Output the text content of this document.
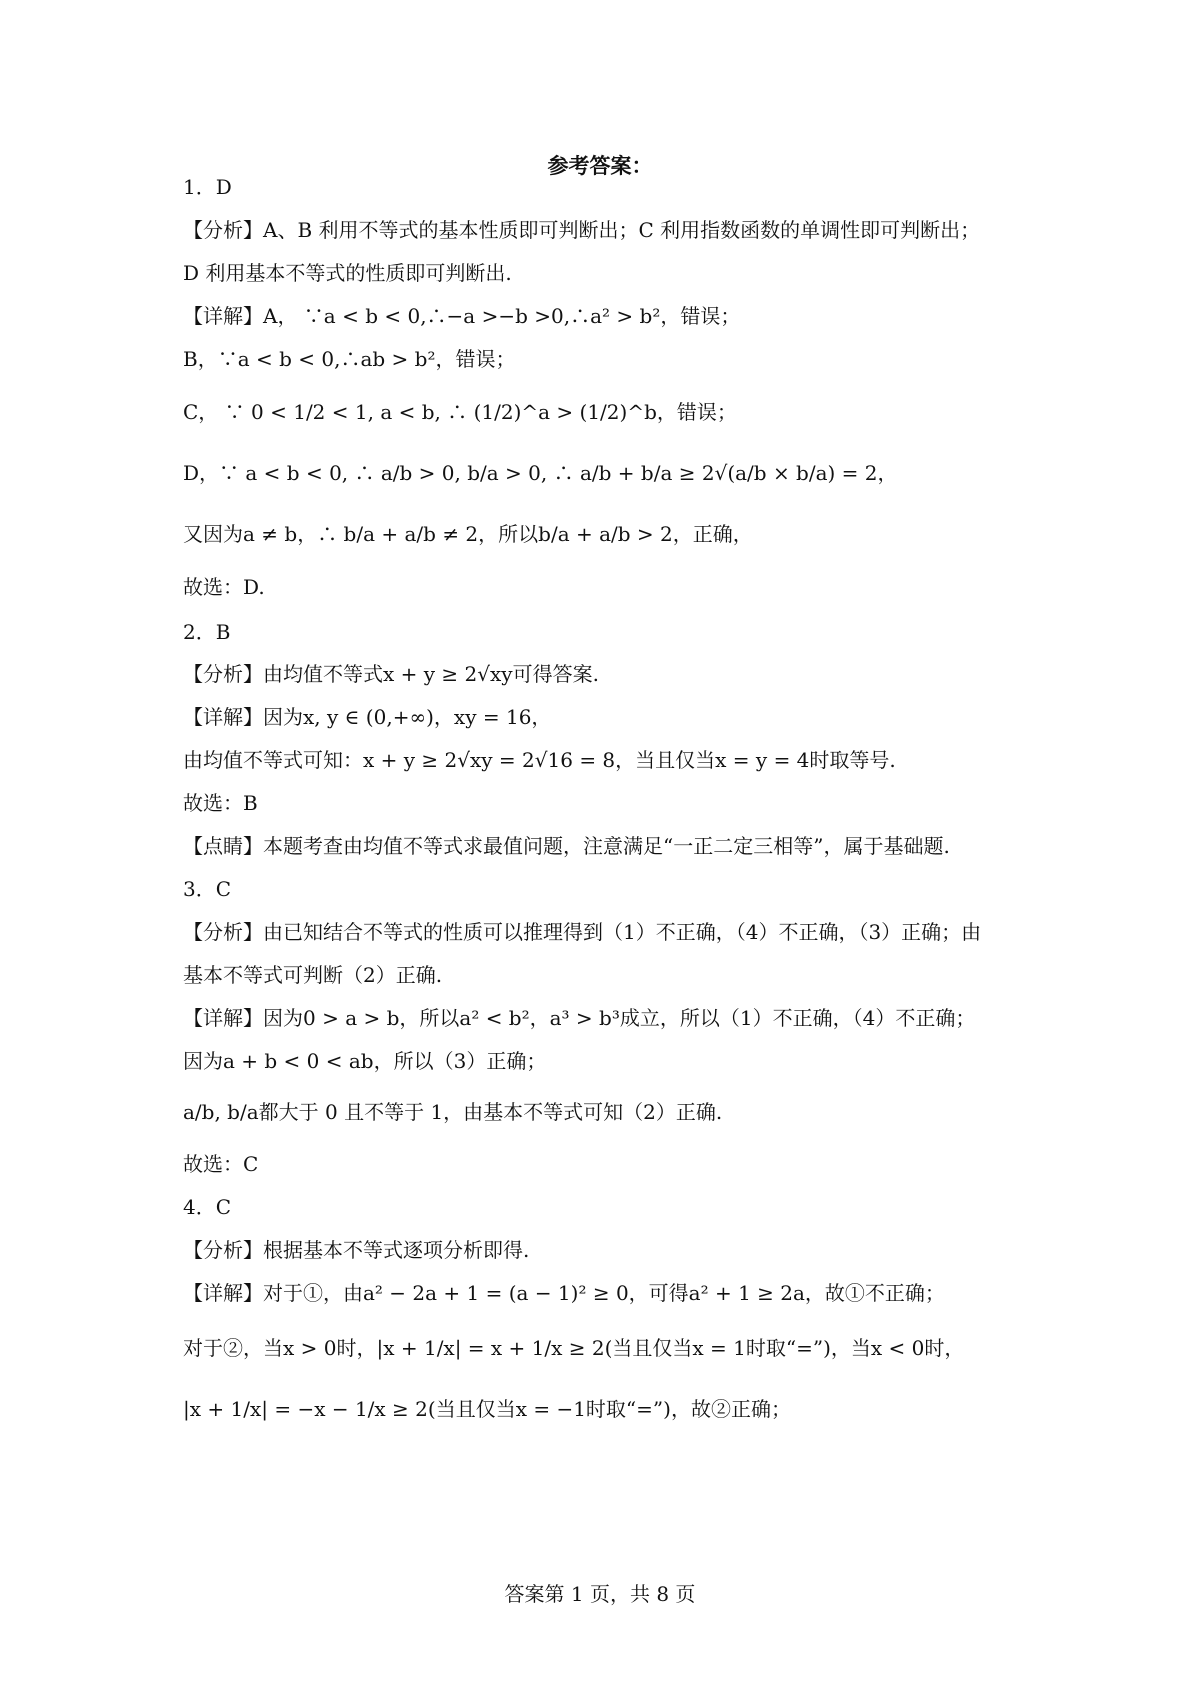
参考答案：
1．D
【分析】A、B 利用不等式的基本性质即可判断出；C 利用指数函数的单调性即可判断出；
D 利用基本不等式的性质即可判断出.
【详解】A， ∵a < b < 0,∴−a >−b >0,∴a² > b²，错误；
B，∵a < b < 0,∴ab > b²，错误；
C， ∵ 0 < 1/2 < 1, a < b, ∴ (1/2)^a > (1/2)^b，错误；
D，∵ a < b < 0, ∴ a/b > 0, b/a > 0, ∴ a/b + b/a ≥ 2√(a/b × b/a) = 2，
又因为a ≠ b，∴ b/a + a/b ≠ 2，所以b/a + a/b > 2，正确，
故选：D.
2．B
【分析】由均值不等式x + y ≥ 2√xy可得答案.
【详解】因为x, y ∈ (0,+∞)，xy = 16，
由均值不等式可知：x + y ≥ 2√xy = 2√16 = 8，当且仅当x = y = 4时取等号.
故选：B
【点睛】本题考查由均值不等式求最值问题，注意满足“一正二定三相等”，属于基础题.
3．C
【分析】由已知结合不等式的性质可以推理得到（1）不正确，（4）不正确，（3）正确；由
基本不等式可判断（2）正确.
【详解】因为0 > a > b，所以a² < b²，a³ > b³成立，所以（1）不正确，（4）不正确；
因为a + b < 0 < ab，所以（3）正确；
a/b, b/a都大于 0 且不等于 1，由基本不等式可知（2）正确.
故选：C
4．C
【分析】根据基本不等式逐项分析即得.
【详解】对于①，由a² − 2a + 1 = (a − 1)² ≥ 0，可得a² + 1 ≥ 2a，故①不正确；
对于②，当x > 0时，|x + 1/x| = x + 1/x ≥ 2(当且仅当x = 1时取“=”)，当x < 0时，
|x + 1/x| = −x − 1/x ≥ 2(当且仅当x = −1时取“=”)，故②正确；
答案第 1 页，共 8 页
